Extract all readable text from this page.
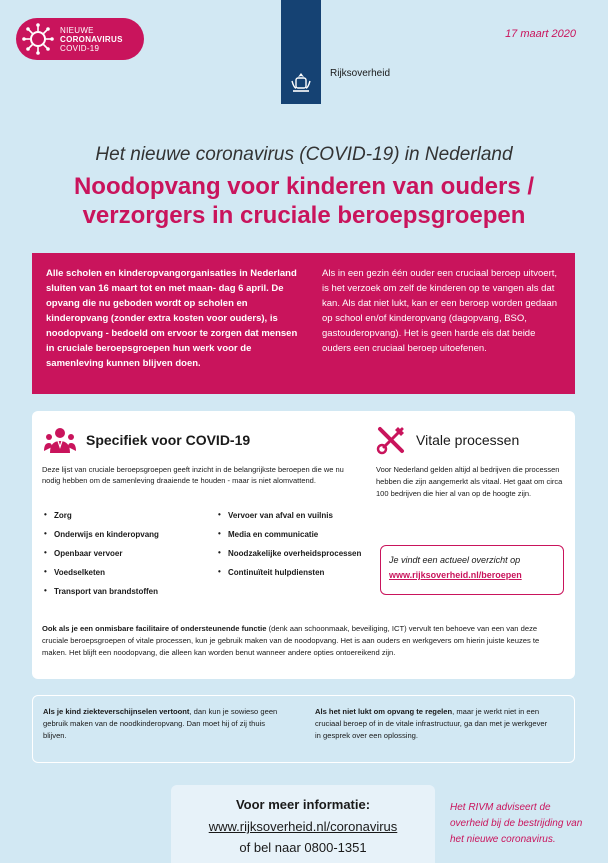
NIEUWE
CORONAVIRUS
COVID-19
17 maart 2020
Rijksoverheid
Het nieuwe coronavirus (COVID-19) in Nederland
Noodopvang voor kinderen van ouders /
verzorgers in cruciale beroepsgroepen
Alle scholen en kinderopvangorganisaties in Nederland sluiten van 16 maart tot en met maan- dag 6 april. De opvang die nu geboden wordt op scholen en kinderopvang (zonder extra kosten voor ouders), is noodopvang - bedoeld om ervoor te zorgen dat mensen in cruciale beroepsgroepen hun werk voor de samenleving kunnen blijven doen.
Als in een gezin één ouder een cruciaal beroep uitvoert, is het verzoek om zelf de kinderen op te vangen als dat kan. Als dat niet lukt, kan er een beroep worden gedaan op school en/of kinderopvang (dagopvang, BSO, gastouderopvang). Het is geen harde eis dat beide ouders een cruciaal beroep uitoefenen.
Specifiek voor COVID-19
Deze lijst van cruciale beroepsgroepen geeft inzicht in de belangrijkste beroepen die we nu nodig hebben om de samenleving draaiende te houden - maar is niet alomvattend.
• Zorg
• Onderwijs en kinderopvang
• Openbaar vervoer
• Voedselketen
• Transport van brandstoffen
• Vervoer van afval en vuilnis
• Media en communicatie
• Noodzakelijke overheidsprocessen
• Continuïteit hulpdiensten
Vitale processen
Voor Nederland gelden altijd al bedrijven die processen hebben die zijn aangemerkt als vitaal. Het gaat om circa 100 bedrijven die hier al van op de hoogte zijn.
Je vindt een actueel overzicht op
www.rijksoverheid.nl/beroepen
Ook als je een onmisbare facilitaire of ondersteunende functie (denk aan schoonmaak, beveiliging, ICT) vervult ten behoeve van een van deze cruciale beroepsgroepen of vitale processen, kun je gebruik maken van de noodopvang. Het is aan ouders en werkgevers om hierin juiste keuzes te maken. Het blijft een noodopvang, die alleen kan worden benut wanneer andere opties ontoereikend zijn.
Als je kind ziekteverschijnselen vertoont, dan kun je sowieso geen gebruik maken van de noodkinderopvang. Dan moet hij of zij thuis blijven.
Als het niet lukt om opvang te regelen, maar je werkt niet in een cruciaal beroep of in de vitale infrastructuur, ga dan met je werkgever in gesprek over een oplossing.
Voor meer informatie:
www.rijksoverheid.nl/coronavirus
of bel naar 0800-1351
Het RIVM adviseert de overheid bij de bestrijding van het nieuwe coronavirus.
